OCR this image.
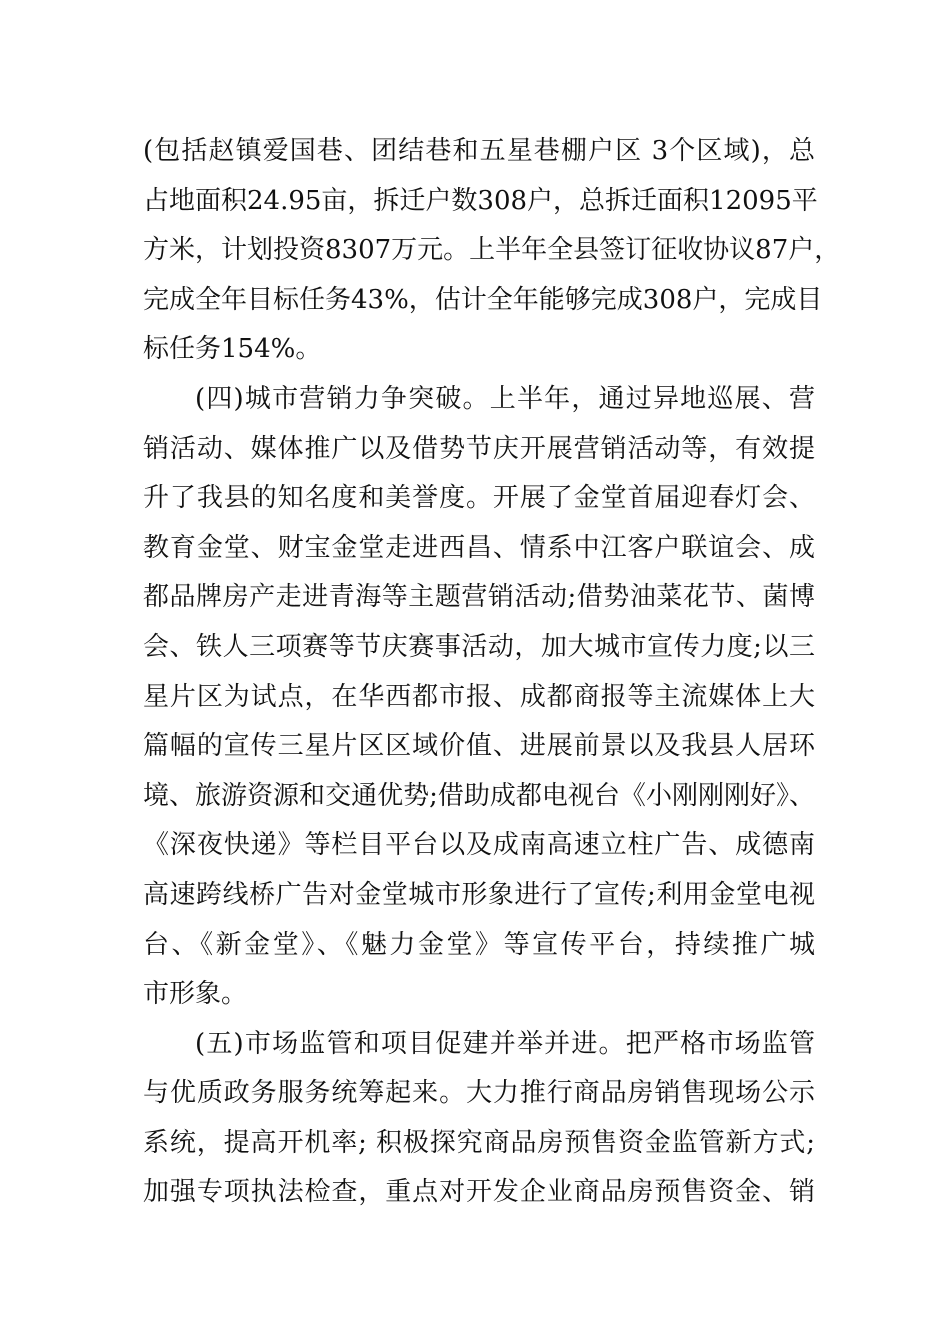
(包括赵镇爱国巷、团结巷和五星巷棚户区 3个区域)，总
占地面积24.95亩，拆迁户数308户，总拆迁面积12095平
方米，计划投资8307万元。上半年全县签订征收协议87户，
完成全年目标任务43%，估计全年能够完成308户，完成目
标任务154%。
(四)城市营销力争突破。上半年，通过异地巡展、营
销活动、媒体推广以及借势节庆开展营销活动等，有效提
升了我县的知名度和美誉度。开展了金堂首届迎春灯会、
教育金堂、财宝金堂走进西昌、情系中江客户联谊会、成
都品牌房产走进青海等主题营销活动;借势油菜花节、菌博
会、铁人三项赛等节庆赛事活动，加大城市宣传力度;以三
星片区为试点，在华西都市报、成都商报等主流媒体上大
篇幅的宣传三星片区区域价值、进展前景以及我县人居环
境、旅游资源和交通优势;借助成都电视台《小刚刚刚好》、
《深夜快递》等栏目平台以及成南高速立柱广告、成德南
高速跨线桥广告对金堂城市形象进行了宣传;利用金堂电视
台、《新金堂》、《魅力金堂》等宣传平台，持续推广城
市形象。
(五)市场监管和项目促建并举并进。把严格市场监管
与优质政务服务统筹起来。大力推行商品房销售现场公示
系统，提高开机率; 积极探究商品房预售资金监管新方式;
加强专项执法检查，重点对开发企业商品房预售资金、销
